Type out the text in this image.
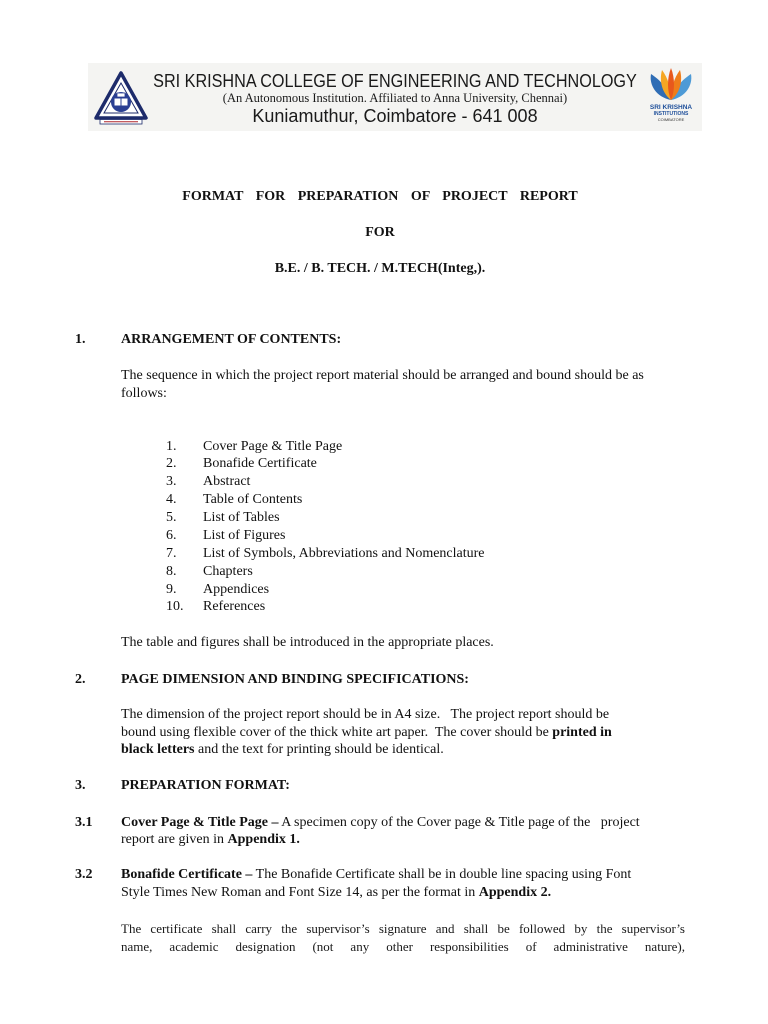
SRI KRISHNA COLLEGE OF ENGINEERING AND TECHNOLOGY
(An Autonomous Institution. Affiliated to Anna University, Chennai)
Kuniamuthur, Coimbatore - 641 008	SRI KRISHNA
INSTITUTIONS
COIMBATORE
FORMAT FOR PREPARATION OF PROJECT REPORT
FOR
B.E. / B. TECH. / M.TECH(Integ,).
1.	ARRANGEMENT OF CONTENTS:
The sequence in which the project report material should be arranged and bound should be as
follows:
1. Cover Page & Title Page
2. Bonafide Certificate
3. Abstract
4. Table of Contents
5. List of Tables
6. List of Figures
7. List of Symbols, Abbreviations and Nomenclature
8. Chapters
9. Appendices
10. References
The table and figures shall be introduced in the appropriate places.
2.	PAGE DIMENSION AND BINDING SPECIFICATIONS:
The dimension of the project report should be in A4 size.   The project report should be
bound using flexible cover of the thick white art paper.  The cover should be printed in
black letters and the text for printing should be identical.
3.	PREPARATION FORMAT:
3.1 Cover Page & Title Page – A specimen copy of the Cover page & Title page of the   project
report are given in Appendix 1.
3.2 Bonafide Certificate – The Bonafide Certificate shall be in double line spacing using Font
Style Times New Roman and Font Size 14, as per the format in Appendix 2.
The certificate shall carry the supervisor’s signature and shall be followed by the supervisor’s
name, academic designation (not any other responsibilities of administrative nature),
